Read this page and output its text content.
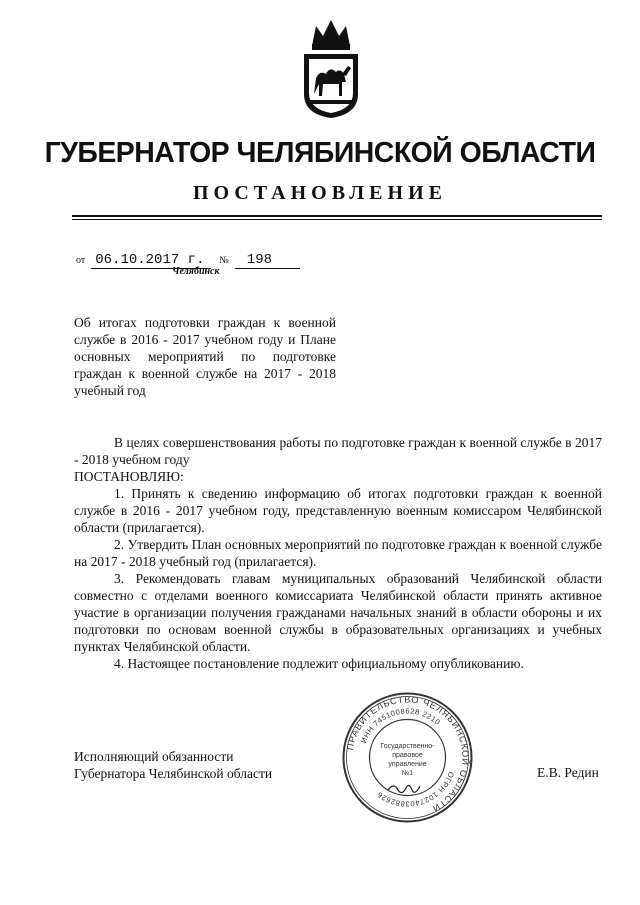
ГУБЕРНАТОР ЧЕЛЯБИНСКОЙ ОБЛАСТИ
ПОСТАНОВЛЕНИЕ
от 06.10.2017 г. № 198
Челябинск
Об итогах подготовки граждан к военной службе в 2016 - 2017 учебном году и Плане основных мероприятий по подготовке граждан к военной службе на 2017 - 2018 учебный год

В целях совершенствования работы по подготовке граждан к военной службе в 2017 - 2018 учебном году

ПОСТАНОВЛЯЮ:

1. Принять к сведению информацию об итогах подготовки граждан к военной службе в 2016 - 2017 учебном году, представленную военным комиссаром Челябинской области (прилагается).

2. Утвердить План основных мероприятий по подготовке граждан к военной службе на 2017 - 2018 учебный год (прилагается).

3. Рекомендовать главам муниципальных образований Челябинской области совместно с отделами военного комиссариата Челябинской области принять активное участие в организации получения гражданами начальных знаний в области обороны и их подготовки по основам военной службы в образовательных организациях и учебных пунктах Челябинской области.

4. Настоящее постановление подлежит официальному опубликованию.

Исполняющий обязанности
Губернатора Челябинской области	Е.В. Редин
ПРАВИТЕЛЬСТВО ЧЕЛЯБИНСКОЙ ОБЛАСТИ
ИНН 7451008628 2210
ОГРН 1027403882626
Государственно-
правовое
управление
№1
